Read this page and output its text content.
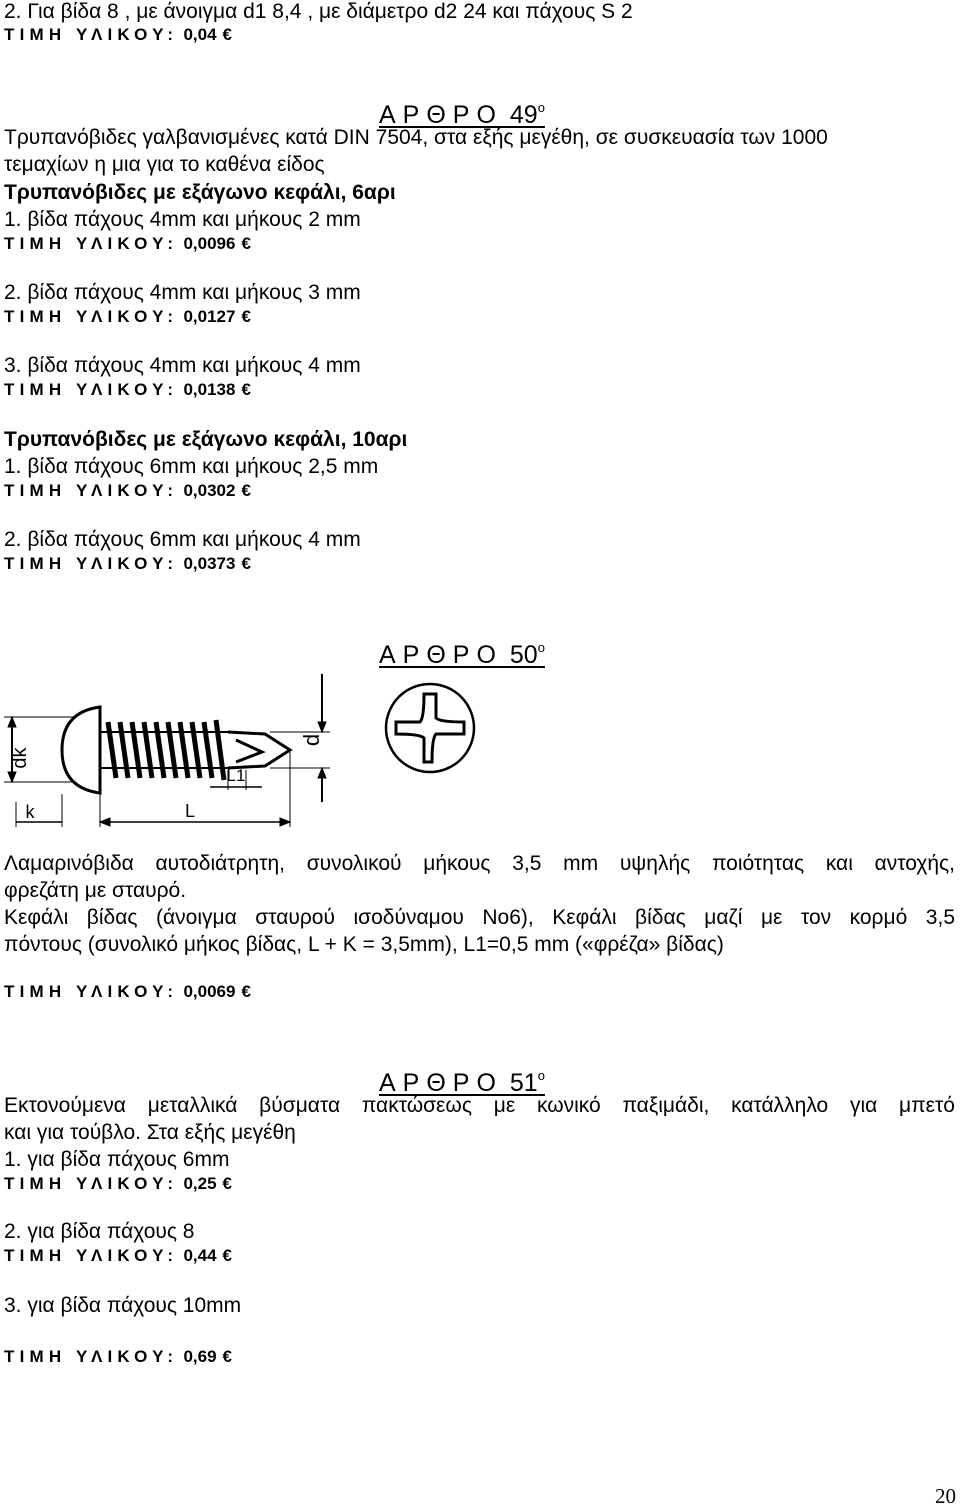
2. Για βίδα 8 , με άνοιγμα d1 8,4 , με διάμετρο d2 24 και πάχους S 2
ΤΙΜΗ ΥΛΙΚΟΥ: 0,04 €
ΑΡΘΡΟ $49^o$
Τρυπανόβιδες γαλβανισμένες κατά DIN 7504, στα εξής μεγέθη, σε συσκευασία των 1000
τεμαχίων η μια για το καθένα είδος
Τρυπανόβιδες με εξάγωνο κεφάλι, 6αρι
1. βίδα πάχους 4mm και μήκους 2 mm
ΤΙΜΗ ΥΛΙΚΟΥ: 0,0096 €
2. βίδα πάχους 4mm και μήκους 3 mm
ΤΙΜΗ ΥΛΙΚΟΥ: 0,0127 €
3. βίδα πάχους 4mm και μήκους 4 mm
ΤΙΜΗ ΥΛΙΚΟΥ: 0,0138 €
Τρυπανόβιδες με εξάγωνο κεφάλι, 10αρι
1. βίδα πάχους 6mm και μήκους 2,5 mm
ΤΙΜΗ ΥΛΙΚΟΥ: 0,0302 €
2. βίδα πάχους 6mm και μήκους 4 mm
ΤΙΜΗ ΥΛΙΚΟΥ: 0,0373 €
ΑΡΘΡΟ $50^o$
dk
d
L1
k	L
Λαμαρινόβιδα αυτοδιάτρητη, συνολικού μήκους 3,5 mm υψηλής ποιότητας και αντοχής,
φρεζάτη με σταυρό.
Κεφάλι βίδας (άνοιγμα σταυρού ισοδύναμου Νο6), Κεφάλι βίδας μαζί με τον κορμό 3,5
πόντους (συνολικό μήκος βίδας, L + K = 3,5mm), L1=0,5 mm («φρέζα» βίδας)
ΤΙΜΗ ΥΛΙΚΟΥ: 0,0069 €
ΑΡΘΡΟ $51^o$
Εκτονούμενα μεταλλικά βύσματα πακτώσεως με κωνικό παξιμάδι, κατάλληλο για μπετό
και για τούβλο. Στα εξής μεγέθη
1. για βίδα πάχους 6mm
ΤΙΜΗ ΥΛΙΚΟΥ: 0,25 €
2. για βίδα πάχους 8
ΤΙΜΗ ΥΛΙΚΟΥ: 0,44 €
3. για βίδα πάχους 10mm
ΤΙΜΗ ΥΛΙΚΟΥ: 0,69 €
20
